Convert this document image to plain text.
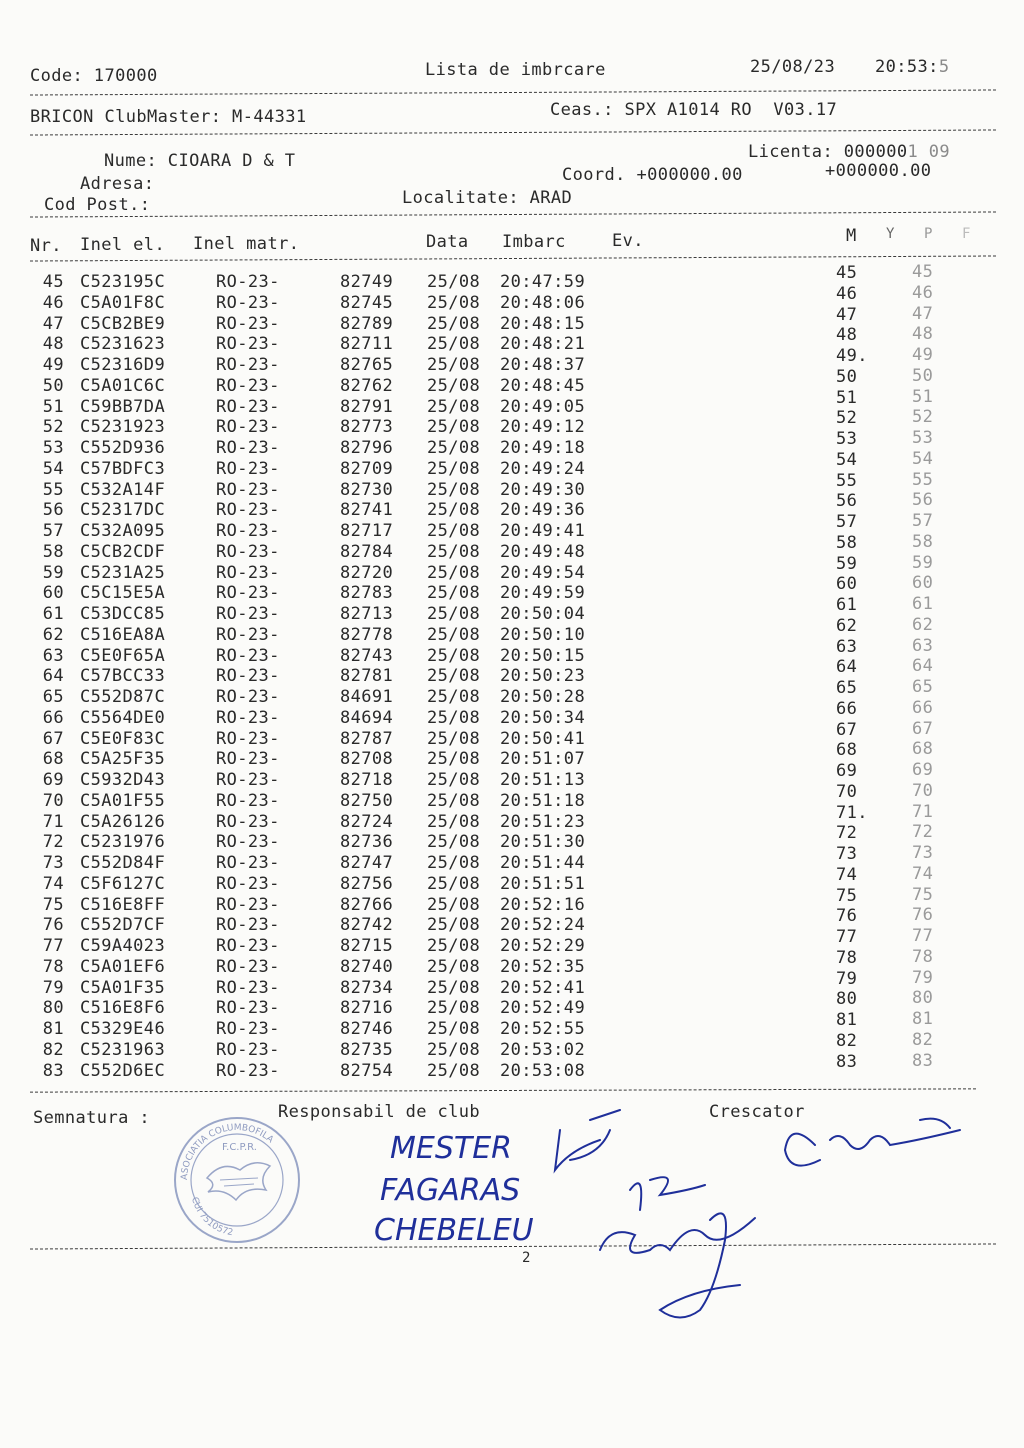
Code: 170000	Lista de imbrcare	25/08/23 20:53:5
BRICON ClubMaster: M-44331	Ceas.: SPX A1014 RO  V03.17
Nume: CIOARA D & T	Licenta: 0000001 09
Adresa:	Coord. +000000.00	+000000.00
Cod Post.:	Localitate: ARAD
Nr. Inel el. Inel matr.	Data Imbarc	Ev.	M Y P F
45 C523195C	RO-23-	82749 25/08 20:47:59	45	45
46 C5A01F8C	RO-23-	82745 25/08 20:48:06	46	46
47 C5CB2BE9	RO-23-	82789 25/08 20:48:15	47	47
48 C5231623	RO-23-	82711 25/08 20:48:21	48	48
49 C52316D9	RO-23-	82765 25/08 20:48:37	49.	49
50 C5A01C6C	RO-23-	82762 25/08 20:48:45	50	50
51 C59BB7DA	RO-23-	82791 25/08 20:49:05	51	51
52 C5231923	RO-23-	82773 25/08 20:49:12	52	52
53 C552D936	RO-23-	82796 25/08 20:49:18	53	53
54 C57BDFC3	RO-23-	82709 25/08 20:49:24	54	54
55 C532A14F	RO-23-	82730 25/08 20:49:30	55	55
56 C52317DC	RO-23-	82741 25/08 20:49:36	56	56
57 C532A095	RO-23-	82717 25/08 20:49:41	57	57
58 C5CB2CDF	RO-23-	82784 25/08 20:49:48	58	58
59 C5231A25	RO-23-	82720 25/08 20:49:54	59	59
60 C5C15E5A	RO-23-	82783 25/08 20:49:59	60	60
61 C53DCC85	RO-23-	82713 25/08 20:50:04	61	61
62 C516EA8A	RO-23-	82778 25/08 20:50:10	62	62
63 C5E0F65A	RO-23-	82743 25/08 20:50:15	63	63
64 C57BCC33	RO-23-	82781 25/08 20:50:23	64	64
65 C552D87C	RO-23-	84691 25/08 20:50:28	65	65
66 C5564DE0	RO-23-	84694 25/08 20:50:34	66	66
67 C5E0F83C	RO-23-	82787 25/08 20:50:41	67	67
68 C5A25F35	RO-23-	82708 25/08 20:51:07	68	68
69 C5932D43	RO-23-	82718 25/08 20:51:13	69	69
70 C5A01F55	RO-23-	82750 25/08 20:51:18	70	70
71 C5A26126	RO-23-	82724 25/08 20:51:23	71.	71
72 C5231976	RO-23-	82736 25/08 20:51:30	72	72
73 C552D84F	RO-23-	82747 25/08 20:51:44	73	73
74 C5F6127C	RO-23-	82756 25/08 20:51:51	74	74
75 C516E8FF	RO-23-	82766 25/08 20:52:16	75	75
76 C552D7CF	RO-23-	82742 25/08 20:52:24	76	76
77 C59A4023	RO-23-	82715 25/08 20:52:29	77	77
78 C5A01EF6	RO-23-	82740 25/08 20:52:35	78	78
79 C5A01F35	RO-23-	82734 25/08 20:52:41	79	79
80 C516E8F6	RO-23-	82716 25/08 20:52:49	80	80
81 C5329E46	RO-23-	82746 25/08 20:52:55	81	81
82 C5231963	RO-23-	82735 25/08 20:53:02	82	82
83 C552D6EC	RO-23-	82754 25/08 20:53:08	83	83
Semnatura :	Responsabil de club	Crescator
2
ASOCIATIA COLUMBOFILA
F.C.P.R.
CUI 7510572
MESTER
FAGARAS
CHEBELEU
